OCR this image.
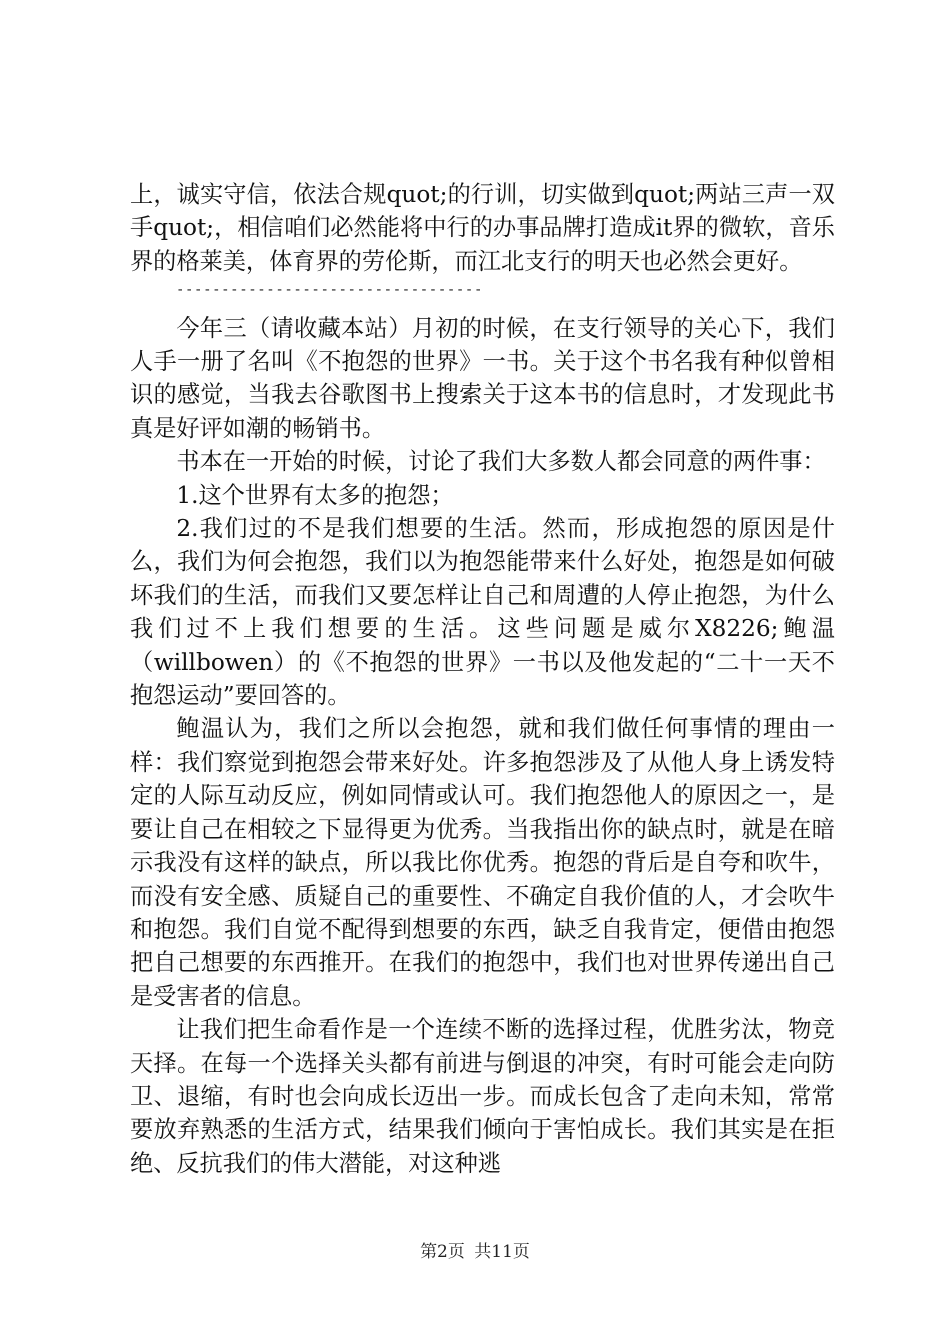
上，诚实守信，依法合规quot;的行训，切实做到quot;两站三声一双手quot;，相信咱们必然能将中行的办事品牌打造成it界的微软，音乐界的格莱美，体育界的劳伦斯，而江北支行的明天也必然会更好。

----------------------------------

今年三（请收藏本站）月初的时候，在支行领导的关心下，我们人手一册了名叫《不抱怨的世界》一书。关于这个书名我有种似曾相识的感觉，当我去谷歌图书上搜索关于这本书的信息时，才发现此书真是好评如潮的畅销书。

书本在一开始的时候，讨论了我们大多数人都会同意的两件事：

1.这个世界有太多的抱怨；

2.我们过的不是我们想要的生活。然而，形成抱怨的原因是什么，我们为何会抱怨，我们以为抱怨能带来什么好处，抱怨是如何破坏我们的生活，而我们又要怎样让自己和周遭的人停止抱怨，为什么我们过不上我们想要的生活。这些问题是威尔X8226;鲍温（willbowen）的《不抱怨的世界》一书以及他发起的“二十一天不抱怨运动”要回答的。

鲍温认为，我们之所以会抱怨，就和我们做任何事情的理由一样：我们察觉到抱怨会带来好处。许多抱怨涉及了从他人身上诱发特定的人际互动反应，例如同情或认可。我们抱怨他人的原因之一，是要让自己在相较之下显得更为优秀。当我指出你的缺点时，就是在暗示我没有这样的缺点，所以我比你优秀。抱怨的背后是自夸和吹牛，而没有安全感、质疑自己的重要性、不确定自我价值的人，才会吹牛和抱怨。我们自觉不配得到想要的东西，缺乏自我肯定，便借由抱怨把自己想要的东西推开。在我们的抱怨中，我们也对世界传递出自己是受害者的信息。

让我们把生命看作是一个连续不断的选择过程，优胜劣汰，物竞天择。在每一个选择关头都有前进与倒退的冲突，有时可能会走向防卫、退缩，有时也会向成长迈出一步。而成长包含了走向未知，常常要放弃熟悉的生活方式，结果我们倾向于害怕成长。我们其实是在拒绝、反抗我们的伟大潜能，对这种逃

第2页 共11页
